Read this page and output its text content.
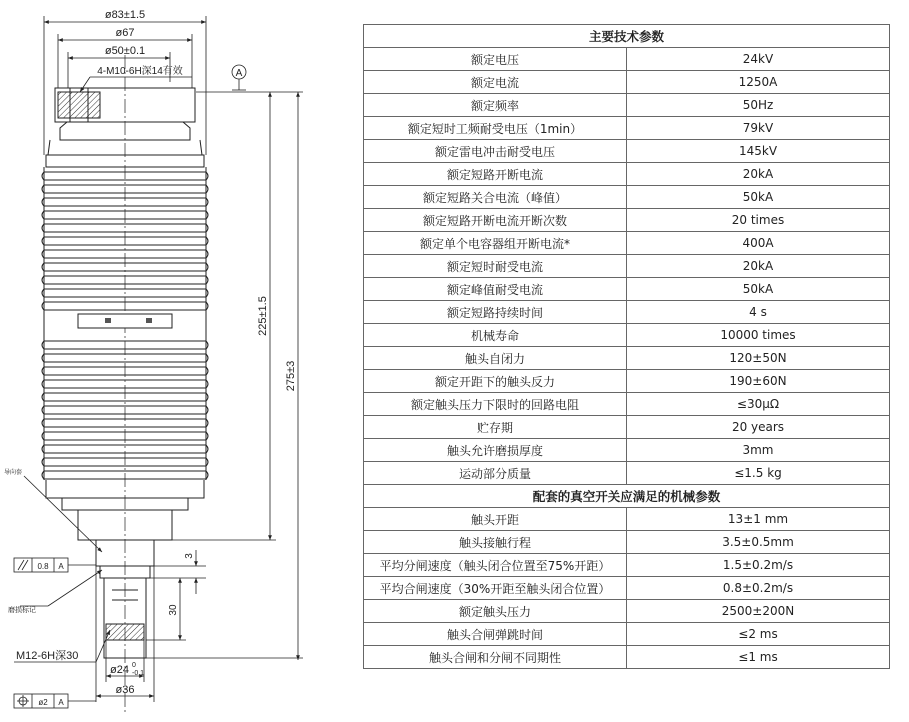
ø83±1.5
ø67
ø50±0.1
4-M10-6H深14有效	A
225±1.5
275±3
3
30
M12-6H深30
ø24 0
-0.1
ø36
0.8 A
ø2 A
导向套
磨损标记
主要技术参数	
额定电压	24kV
额定电流	1250A
额定频率	50Hz
额定短时工频耐受电压（1min）	79kV
额定雷电冲击耐受电压	145kV
额定短路开断电流	20kA
额定短路关合电流（峰值）	50kA
额定短路开断电流开断次数	20 times
额定单个电容器组开断电流*	400A
额定短时耐受电流	20kA
额定峰值耐受电流	50kA
额定短路持续时间	4 s
机械寿命	10000 times
触头自闭力	120±50N
额定开距下的触头反力	190±60N
额定触头压力下限时的回路电阻	≤30μΩ
贮存期	20 years
触头允许磨损厚度	3mm
运动部分质量	≤1.5 kg
配套的真空开关应满足的机械参数	
触头开距	13±1 mm
触头接触行程	3.5±0.5mm
平均分闸速度（触头闭合位置至75%开距）	1.5±0.2m/s
平均合闸速度（30%开距至触头闭合位置）	0.8±0.2m/s
额定触头压力	2500±200N
触头合闸弹跳时间	≤2 ms
触头合闸和分闸不同期性	≤1 ms
